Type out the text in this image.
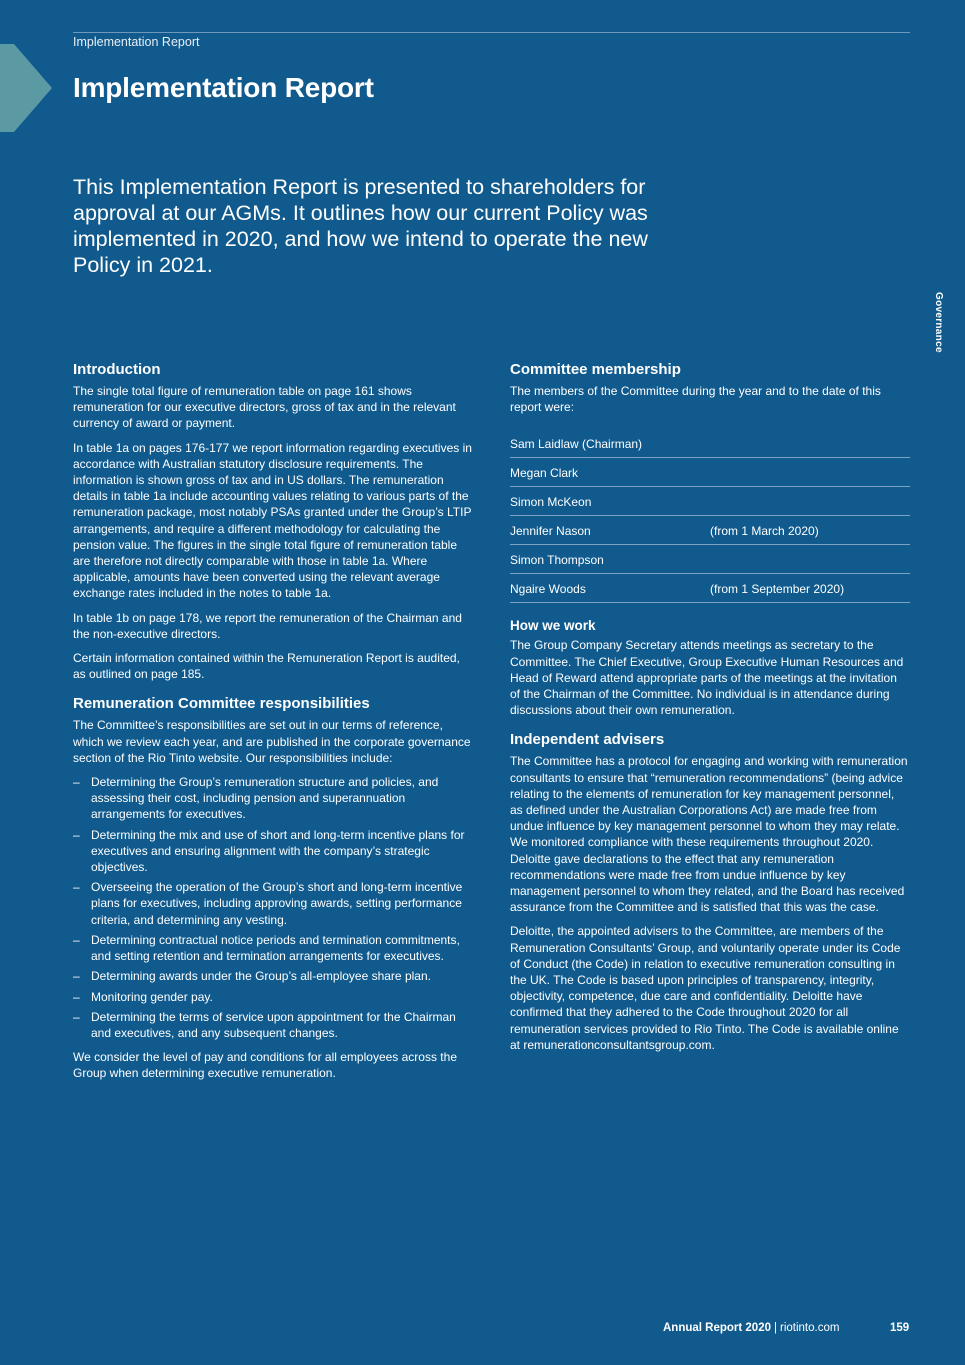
Implementation Report
Implementation Report

This Implementation Report is presented to shareholders for approval at our AGMs. It outlines how our current Policy was implemented in 2020, and how we intend to operate the new Policy in 2021.

Governance
Introduction

The single total figure of remuneration table on page 161 shows remuneration for our executive directors, gross of tax and in the relevant currency of award or payment.

In table 1a on pages 176-177 we report information regarding executives in accordance with Australian statutory disclosure requirements. The information is shown gross of tax and in US dollars. The remuneration details in table 1a include accounting values relating to various parts of the remuneration package, most notably PSAs granted under the Group’s LTIP arrangements, and require a different methodology for calculating the pension value. The figures in the single total figure of remuneration table are therefore not directly comparable with those in table 1a. Where applicable, amounts have been converted using the relevant average exchange rates included in the notes to table 1a.

In table 1b on page 178, we report the remuneration of the Chairman and the non-executive directors.

Certain information contained within the Remuneration Report is audited, as outlined on page 185.

Remuneration Committee responsibilities

The Committee’s responsibilities are set out in our terms of reference, which we review each year, and are published in the corporate governance section of the Rio Tinto website. Our responsibilities include:

– Determining the Group’s remuneration structure and policies, and assessing their cost, including pension and superannuation arrangements for executives.
– Determining the mix and use of short and long-term incentive plans for executives and ensuring alignment with the company’s strategic objectives.
– Overseeing the operation of the Group’s short and long-term incentive plans for executives, including approving awards, setting performance criteria, and determining any vesting.
– Determining contractual notice periods and termination commitments, and setting retention and termination arrangements for executives.
– Determining awards under the Group’s all-employee share plan.
– Monitoring gender pay.
– Determining the terms of service upon appointment for the Chairman and executives, and any subsequent changes.

We consider the level of pay and conditions for all employees across the Group when determining executive remuneration.

Committee membership

The members of the Committee during the year and to the date of this report were:

Sam Laidlaw (Chairman)
Megan Clark
Simon McKeon
Jennifer Nason	(from 1 March 2020)
Simon Thompson
Ngaire Woods	(from 1 September 2020)
How we work

The Group Company Secretary attends meetings as secretary to the Committee. The Chief Executive, Group Executive Human Resources and Head of Reward attend appropriate parts of the meetings at the invitation of the Chairman of the Committee. No individual is in attendance during discussions about their own remuneration.

Independent advisers

The Committee has a protocol for engaging and working with remuneration consultants to ensure that “remuneration recommendations” (being advice relating to the elements of remuneration for key management personnel, as defined under the Australian Corporations Act) are made free from undue influence by key management personnel to whom they may relate. We monitored compliance with these requirements throughout 2020. Deloitte gave declarations to the effect that any remuneration recommendations were made free from undue influence by key management personnel to whom they related, and the Board has received assurance from the Committee and is satisfied that this was the case.

Deloitte, the appointed advisers to the Committee, are members of the Remuneration Consultants’ Group, and voluntarily operate under its Code of Conduct (the Code) in relation to executive remuneration consulting in the UK. The Code is based upon principles of transparency, integrity, objectivity, competence, due care and confidentiality. Deloitte have confirmed that they adhered to the Code throughout 2020 for all remuneration services provided to Rio Tinto. The Code is available online at remunerationconsultantsgroup.com.

Annual Report 2020 | riotinto.com	159
